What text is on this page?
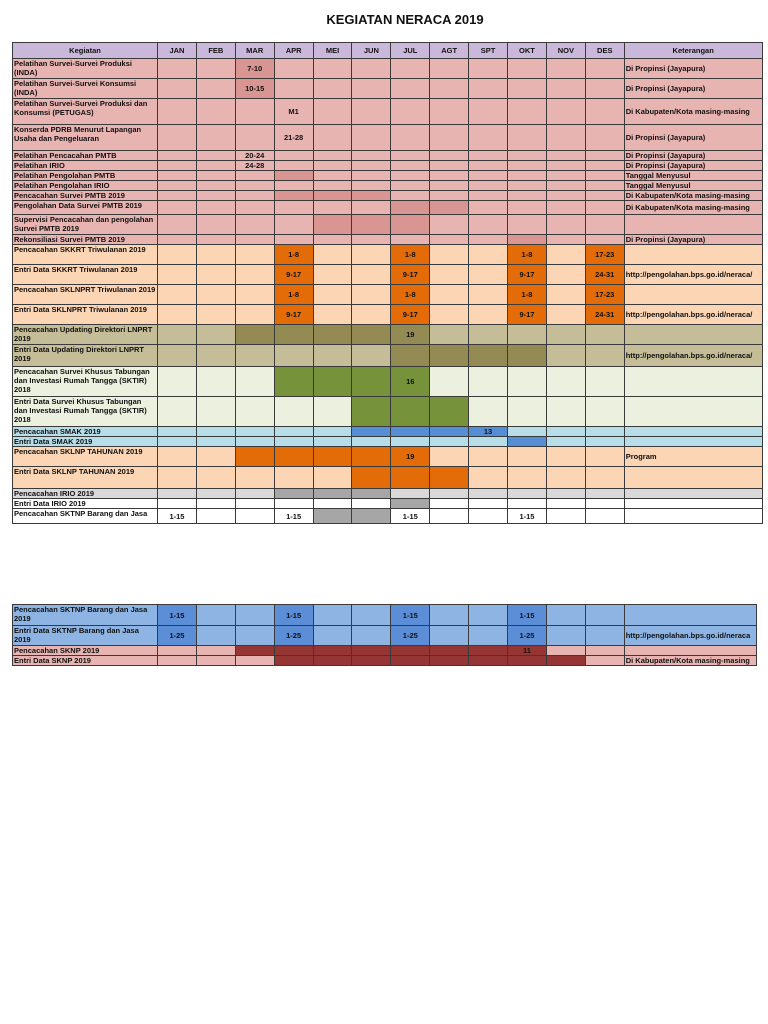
KEGIATAN NERACA 2019
Kegiatan	JAN	FEB	MAR	APR	MEI	JUN	JUL	AGT	SPT	OKT	NOV	DES	Keterangan
Pelatihan Survei-Survei Produksi (INDA)			7-10										Di Propinsi (Jayapura)
Pelatihan Survei-Survei Konsumsi (INDA)			10-15										Di Propinsi (Jayapura)
Pelatihan Survei-Survei Produksi dan Konsumsi (PETUGAS)				M1									Di Kabupaten/Kota masing-masing
Konserda PDRB Menurut Lapangan Usaha dan Pengeluaran				21-28									Di Propinsi (Jayapura)
Pelatihan Pencacahan PMTB			20-24										Di Propinsi (Jayapura)
Pelatihan IRIO			24-28										Di Propinsi (Jayapura)
Pelatihan Pengolahan PMTB													Tanggal Menyusul
Pelatihan Pengolahan IRIO													Tanggal Menyusul
Pencacahan Survei PMTB 2019													Di Kabupaten/Kota masing-masing
Pengolahan Data Survei PMTB 2019													Di Kabupaten/Kota masing-masing
Supervisi Pencacahan dan pengolahan Survei PMTB 2019													
Rekonsiliasi Survei PMTB 2019													Di Propinsi (Jayapura)
Pencacahan SKKRT Triwulanan 2019				1-8			1-8			1-8		17-23	
Entri Data SKKRT Triwulanan 2019				9-17			9-17			9-17		24-31	http://pengolahan.bps.go.id/neraca/
Pencacahan SKLNPRT Triwulanan 2019				1-8			1-8			1-8		17-23	
Entri Data SKLNPRT Triwulanan 2019				9-17			9-17			9-17		24-31	http://pengolahan.bps.go.id/neraca/
Pencacahan Updating Direktori LNPRT 2019							19						
Entri Data Updating Direktori LNPRT 2019													http://pengolahan.bps.go.id/neraca/
Pencacahan Survei Khusus Tabungan dan Investasi Rumah Tangga (SKTIR) 2018							16						
Entri Data Survei Khusus Tabungan dan Investasi Rumah Tangga (SKTIR) 2018													
Pencacahan SMAK 2019									13				
Entri Data SMAK 2019													
Pencacahan SKLNP TAHUNAN 2019							19						Program
Entri Data SKLNP TAHUNAN 2019													
Pencacahan IRIO 2019													
Entri Data IRIO 2019													
Pencacahan SKTNP Barang dan Jasa	1-15			1-15			1-15			1-15			
Pencacahan SKTNP Barang dan Jasa 2019	1-15			1-15			1-15			1-15			
Entri Data SKTNP Barang dan Jasa 2019	1-25			1-25			1-25			1-25			http://pengolahan.bps.go.id/neraca
Pencacahan SKNP 2019										11			
Entri Data SKNP 2019													Di Kabupaten/Kota masing-masing
